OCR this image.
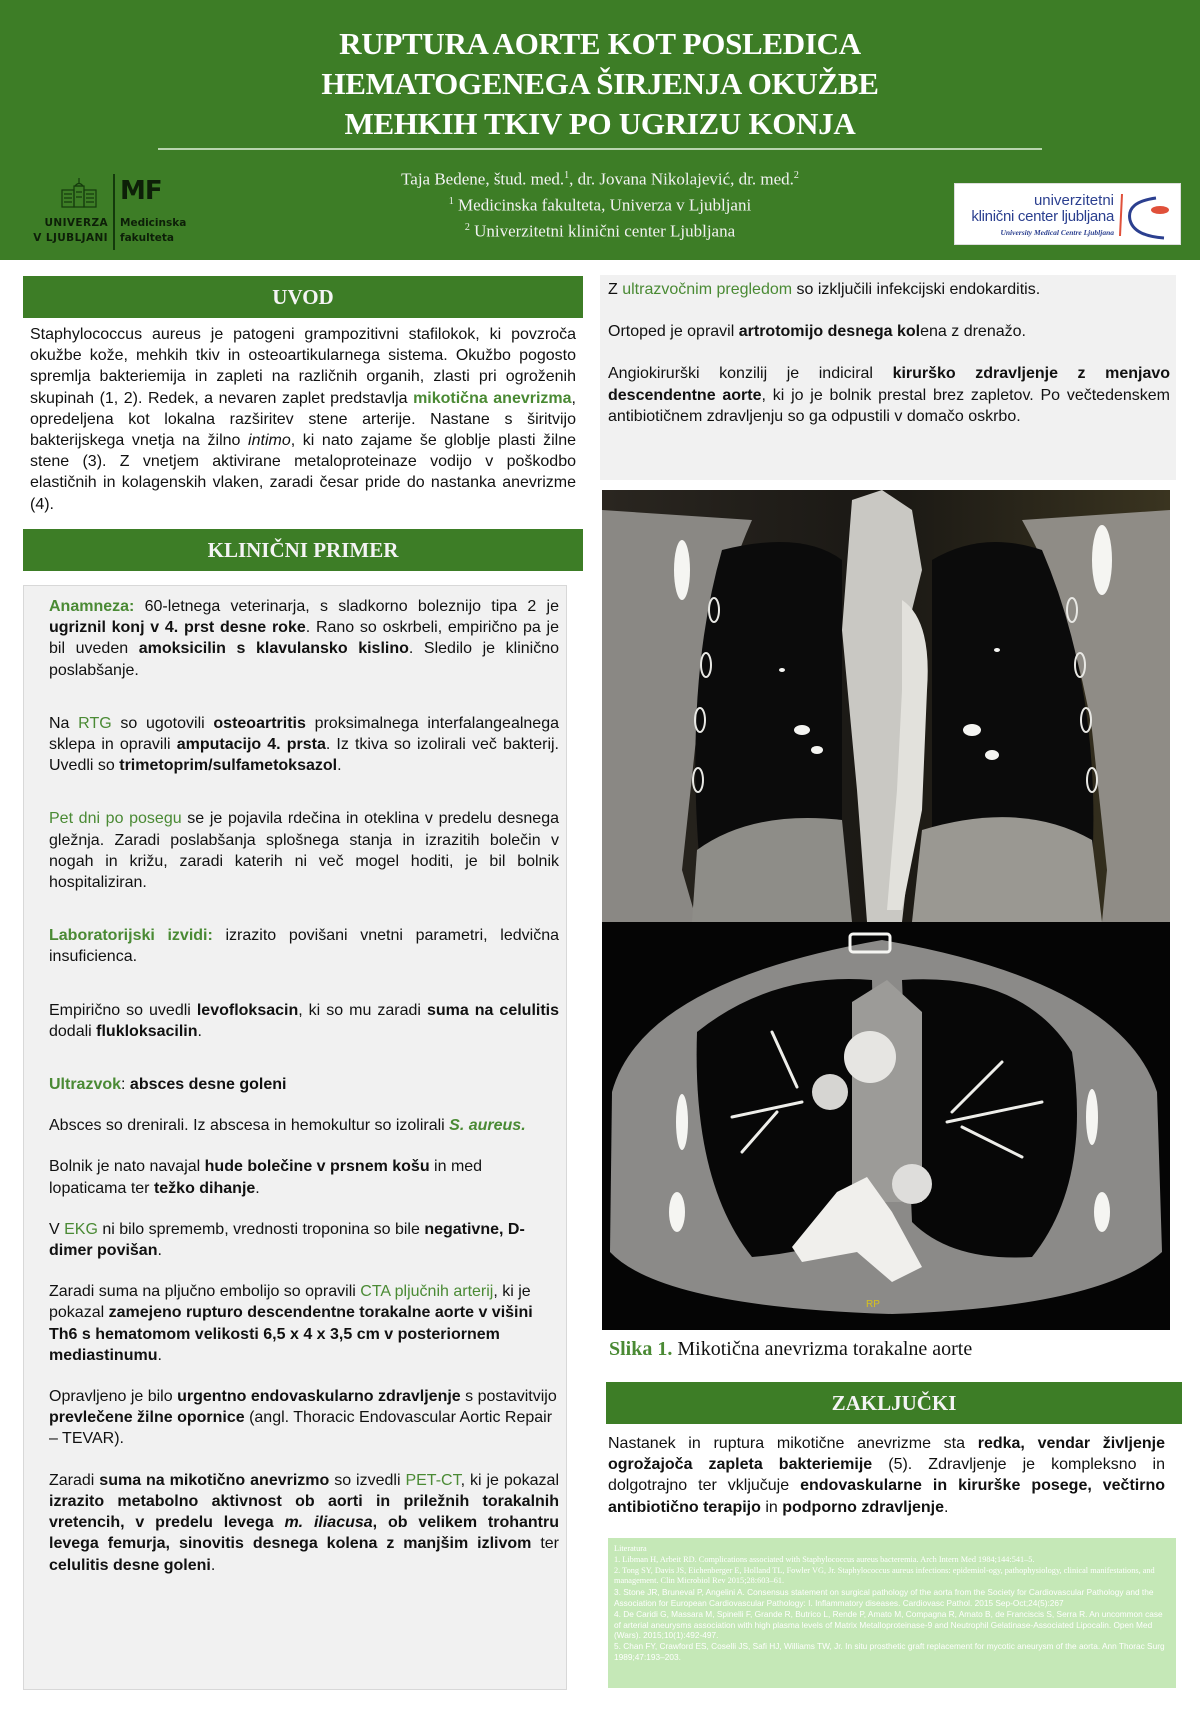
RUPTURA AORTE KOT POSLEDICA
HEMATOGENEGA ŠIRJENJA OKUŽBE
MEHKIH TKIV PO UGRIZU KONJA
Taja Bedene, štud. med.$^1$, dr. Jovana Nikolajević, dr. med.$^2$
$^1$ Medicinska fakulteta, Univerza v Ljubljani
$^2$ Univerzitetni klinični center Ljubljana
MF
UNIVERZA
V LJUBLJANI
Medicinska
fakulteta
univerzitetni
klinični center ljubljana
University Medical Centre Ljubljana
UVOD
Staphylococcus aureus je patogeni grampozitivni stafilokok, ki povzroča okužbe kože, mehkih tkiv in osteoartikularnega sistema. Okužbo pogosto spremlja bakteriemija in zapleti na različnih organih, zlasti pri ogroženih skupinah (1, 2). Redek, a nevaren zaplet predstavlja mikotična anevrizma, opredeljena kot lokalna razširitev stene arterije. Nastane s širitvijo bakterijskega vnetja na žilno intimo, ki nato zajame še globlje plasti žilne stene (3). Z vnetjem aktivirane metaloproteinaze vodijo v poškodbo elastičnih in kolagenskih vlaken, zaradi česar pride do nastanka anevrizme (4).
KLINIČNI PRIMER

Anamneza: 60-letnega veterinarja, s sladkorno boleznijo tipa 2 je ugriznil konj v 4. prst desne roke. Rano so oskrbeli, empirično pa je bil uveden amoksicilin s klavulansko kislino. Sledilo je klinično poslabšanje.

Na RTG so ugotovili osteoartritis proksimalnega interfalangealnega sklepa in opravili amputacijo 4. prsta. Iz tkiva so izolirali več bakterij. Uvedli so trimetoprim/sulfametoksazol.

Pet dni po posegu se je pojavila rdečina in oteklina v predelu desnega gležnja. Zaradi poslabšanja splošnega stanja in izrazitih bolečin v nogah in križu, zaradi katerih ni več mogel hoditi, je bil bolnik hospitaliziran.

Laboratorijski izvidi: izrazito povišani vnetni parametri, ledvična insuficienca.

Empirično so uvedli levofloksacin, ki so mu zaradi suma na celulitis dodali flukloksacilin.

Ultrazvok: absces desne goleni

Absces so drenirali. Iz abscesa in hemokultur so izolirali S. aureus.

Bolnik je nato navajal hude bolečine v prsnem košu in med lopaticama ter težko dihanje.

V EKG ni bilo sprememb, vrednosti troponina so bile negativne, D-dimer povišan.

Zaradi suma na pljučno embolijo so opravili CTA pljučnih arterij, ki je pokazal zamejeno rupturo descendentne torakalne aorte v višini Th6 s hematomom velikosti 6,5 x 4 x 3,5 cm v posteriornem mediastinumu.

Opravljeno je bilo urgentno endovaskularno zdravljenje s postavitvijo prevlečene žilne opornice (angl. Thoracic Endovascular Aortic Repair – TEVAR).

Zaradi suma na mikotično anevrizmo so izvedli PET-CT, ki je pokazal izrazito metabolno aktivnost ob aorti in priležnih torakalnih vretencih, v predelu levega m. iliacusa, ob velikem trohantru levega femurja, sinovitis desnega kolena z manjšim izlivom ter celulitis desne goleni.

Z ultrazvočnim pregledom so izključili infekcijski endokarditis.

Ortoped je opravil artrotomijo desnega kolena z drenažo.

Angiokirurški konzilij je indiciral kirurško zdravljenje z menjavo descendentne aorte, ki jo je bolnik prestal brez zapletov. Po večtedenskem antibiotičnem zdravljenju so ga odpustili v domačo oskrbo.

RP
Slika 1. Mikotična anevrizma torakalne aorte
ZAKLJUČKI
Nastanek in ruptura mikotične anevrizme sta redka, vendar življenje ogrožajoča zapleta bakteriemije (5). Zdravljenje je kompleksno in dolgotrajno ter vključuje endovaskularne in kirurške posege, večtirno antibiotično terapijo in podporno zdravljenje.

Literatura

1. Libman H, Arbeit RD. Complications associated with Staphylococcus aureus bacteremia. Arch Intern Med 1984;144:541–5.

2. Tong SY, Davis JS, Eichenberger E, Holland TL, Fowler VG, Jr. Staphylococcus aureus infections: epidemiol-ogy, pathophysiology, clinical manifestations, and management. Clin Microbiol Rev 2015;28:603–61.

3. Stone JR, Bruneval P, Angelini A. Consensus statement on surgical pathology of the aorta from the Society for Cardiovascular Pathology and the Association for European Cardiovascular Pathology: I. Inflammatory diseases. Cardiovasc Pathol. 2015 Sep-Oct;24(5):267

4. De Caridi G, Massara M, Spinelli F, Grande R, Butrico L, Rende P, Amato M, Compagna R, Amato B, de Franciscis S, Serra R. An uncommon case of arterial aneurysms association with high plasma levels of Matrix Metalloproteinase-9 and Neutrophil Gelatinase-Associated Lipocalin. Open Med (Wars). 2015;10(1):492-497.

5. Chan FY, Crawford ES, Coselli JS, Safi HJ, Williams TW, Jr. In situ prosthetic graft replacement for mycotic aneurysm of the aorta. Ann Thorac Surg 1989;47:193–203.
